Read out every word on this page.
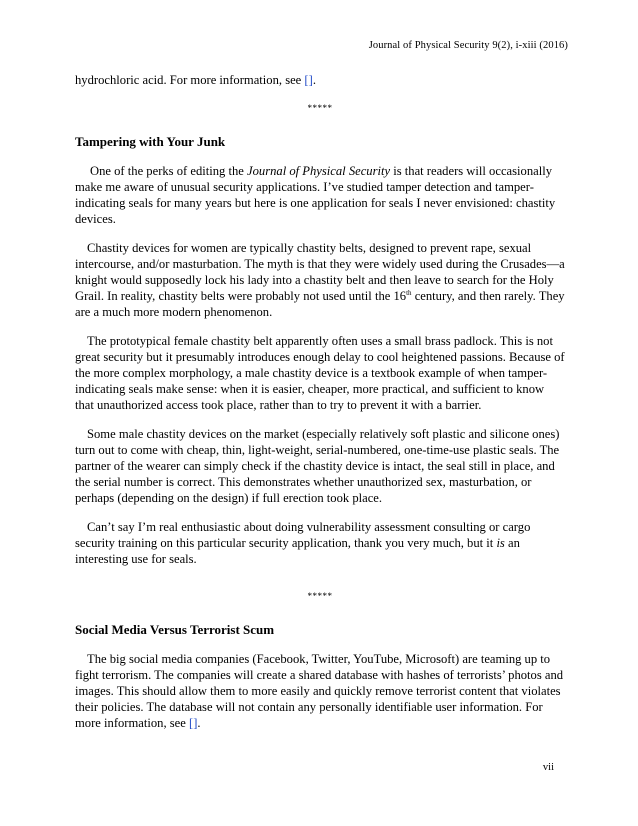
Journal of Physical Security 9(2), i-xiii (2016)

hydrochloric acid. For more information, see [].

*****
Tampering with Your Junk

One of the perks of editing the Journal of Physical Security is that readers will occasionally make me aware of unusual security applications. I’ve studied tamper detection and tamper-indicating seals for many years but here is one application for seals I never envisioned: chastity devices.

Chastity devices for women are typically chastity belts, designed to prevent rape, sexual intercourse, and/or masturbation. The myth is that they were widely used during the Crusades—a knight would supposedly lock his lady into a chastity belt and then leave to search for the Holy Grail. In reality, chastity belts were probably not used until the 16th century, and then rarely. They are a much more modern phenomenon.

The prototypical female chastity belt apparently often uses a small brass padlock. This is not great security but it presumably introduces enough delay to cool heightened passions. Because of the more complex morphology, a male chastity device is a textbook example of when tamper-indicating seals make sense: when it is easier, cheaper, more practical, and sufficient to know that unauthorized access took place, rather than to try to prevent it with a barrier.

Some male chastity devices on the market (especially relatively soft plastic and silicone ones) turn out to come with cheap, thin, light-weight, serial-numbered, one-time-use plastic seals. The partner of the wearer can simply check if the chastity device is intact, the seal still in place, and the serial number is correct. This demonstrates whether unauthorized sex, masturbation, or perhaps (depending on the design) if full erection took place.

Can’t say I’m real enthusiastic about doing vulnerability assessment consulting or cargo security training on this particular security application, thank you very much, but it is an interesting use for seals.

*****
Social Media Versus Terrorist Scum

The big social media companies (Facebook, Twitter, YouTube, Microsoft) are teaming up to fight terrorism. The companies will create a shared database with hashes of terrorists’ photos and images. This should allow them to more easily and quickly remove terrorist content that violates their policies. The database will not contain any personally identifiable user information. For more information, see [].

vii
